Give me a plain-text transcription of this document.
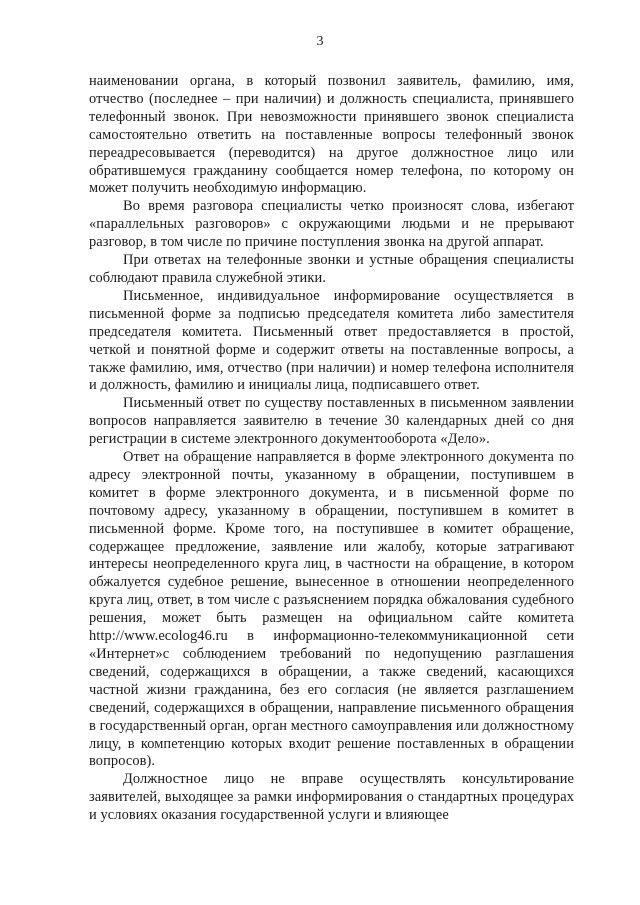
3

наименовании органа, в который позвонил заявитель, фамилию, имя, отчество (последнее – при наличии) и должность специалиста, принявшего телефонный звонок. При невозможности принявшего звонок специалиста самостоятельно ответить на поставленные вопросы телефонный звонок переадресовывается (переводится) на другое должностное лицо или обратившемуся гражданину сообщается номер телефона, по которому он может получить необходимую информацию.

Во время разговора специалисты четко произносят слова, избегают «параллельных разговоров» с окружающими людьми и не прерывают разговор, в том числе по причине поступления звонка на другой аппарат.

При ответах на телефонные звонки и устные обращения специалисты соблюдают правила служебной этики.

Письменное, индивидуальное информирование осуществляется в письменной форме за подписью председателя комитета либо заместителя председателя комитета. Письменный ответ предоставляется в простой, четкой и понятной форме и содержит ответы на поставленные вопросы, а также фамилию, имя, отчество (при наличии) и номер телефона исполнителя и должность, фамилию и инициалы лица, подписавшего ответ.

Письменный ответ по существу поставленных в письменном заявлении вопросов направляется заявителю в течение 30 календарных дней со дня регистрации в системе электронного документооборота «Дело».

Ответ на обращение направляется в форме электронного документа по адресу электронной почты, указанному в обращении, поступившем в комитет в форме электронного документа, и в письменной форме по почтовому адресу, указанному в обращении, поступившем в комитет в письменной форме. Кроме того, на поступившее в комитет обращение, содержащее предложение, заявление или жалобу, которые затрагивают интересы неопределенного круга лиц, в частности на обращение, в котором обжалуется судебное решение, вынесенное в отношении неопределенного круга лиц, ответ, в том числе с разъяснением порядка обжалования судебного решения, может быть размещен на официальном сайте комитета http://www.ecolog46.ru в информационно-телекоммуникационной сети «Интернет»с соблюдением требований по недопущению разглашения сведений, содержащихся в обращении, а также сведений, касающихся частной жизни гражданина, без его согласия (не является разглашением сведений, содержащихся в обращении, направление письменного обращения в государственный орган, орган местного самоуправления или должностному лицу, в компетенцию которых входит решение поставленных в обращении вопросов).

Должностное лицо не вправе осуществлять консультирование заявителей, выходящее за рамки информирования о стандартных процедурах и условиях оказания государственной услуги и влияющее
